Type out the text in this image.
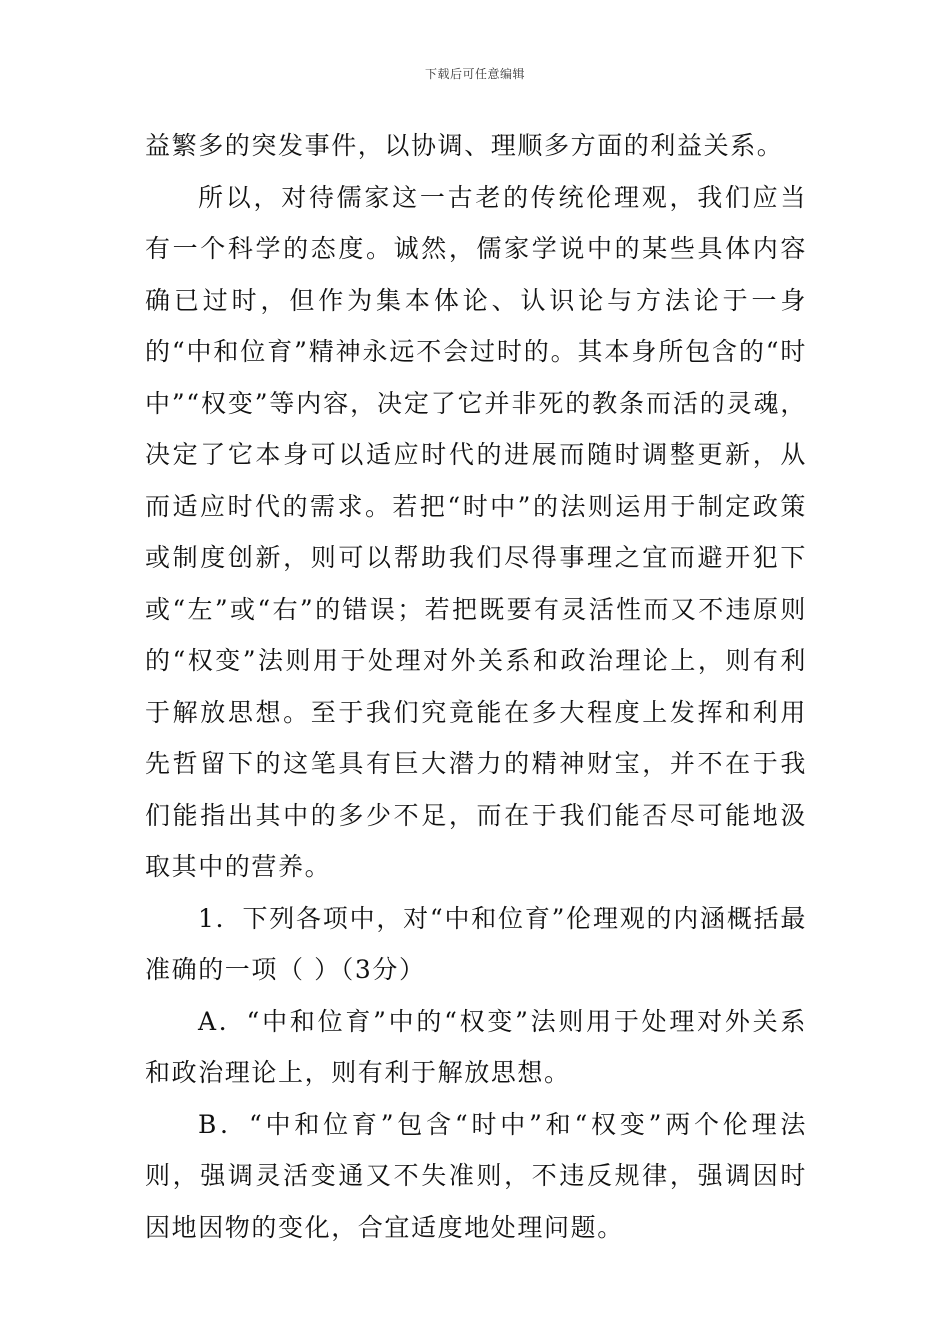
下载后可任意编辑

益繁多的突发事件，以协调、理顺多方面的利益关系。

所以，对待儒家这一古老的传统伦理观，我们应当有一个科学的态度。诚然，儒家学说中的某些具体内容确已过时，但作为集本体论、认识论与方法论于一身的“中和位育”精神永远不会过时的。其本身所包含的“时中”“权变”等内容，决定了它并非死的教条而活的灵魂，决定了它本身可以适应时代的进展而随时调整更新，从而适应时代的需求。若把“时中”的法则运用于制定政策或制度创新，则可以帮助我们尽得事理之宜而避开犯下或“左”或“右”的错误；若把既要有灵活性而又不违原则的“权变”法则用于处理对外关系和政治理论上，则有利于解放思想。至于我们究竟能在多大程度上发挥和利用先哲留下的这笔具有巨大潜力的精神财宝，并不在于我们能指出其中的多少不足，而在于我们能否尽可能地汲取其中的营养。

1．下列各项中，对“中和位育”伦理观的内涵概括最准确的一项（ ）（3分）

A．“中和位育”中的“权变”法则用于处理对外关系和政治理论上，则有利于解放思想。

B．“中和位育”包含“时中”和“权变”两个伦理法则，强调灵活变通又不失准则，不违反规律，强调因时因地因物的变化，合宜适度地处理问题。
